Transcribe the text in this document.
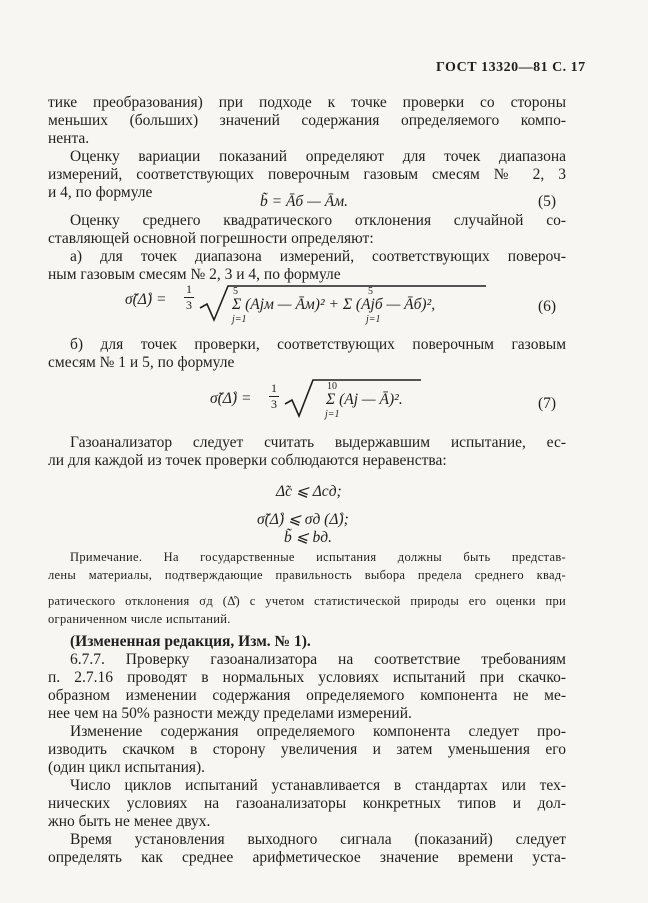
ГОСТ 13320—81 С. 17
тике преобразования) при подходе к точке проверки со стороны
меньших (больших) значений содержания определяемого компо-
нента.
Оценку вариации показаний определяют для точек диапазона
измерений, соответствующих поверочным газовым смесям № 2, 3
и 4, по формуле
b̃ = Āб — Āм.	(5)
Оценку среднего квадратического отклонения случайной со-
ставляющей основной погрешности определяют:
а) для точек диапазона измерений, соответствующих повероч-
ным газовым смесям № 2, 3 и 4, по формуле
σ̃(Δ̊) =
1
3
5
j=1
5
j=1
Σ (Ajм — Āм)² + Σ (Ajб — Āб)²,	(6)
б) для точек проверки, соответствующих поверочным газовым
смесям № 1 и 5, по формуле
σ̃(Δ̊) =
1
3
10
j=1
Σ (Aj — Ā)².	(7)
Газоанализатор следует считать выдержавшим испытание, ес-
ли для каждой из точек проверки соблюдаются неравенства:
Δ̃с ⩽ Δсд;
σ̃(Δ̊) ⩽ σд (Δ̊);
b̃ ⩽ bд.
Примечание. На государственные испытания должны быть представ-
лены материалы, подтверждающие правильность выбора предела среднего квад-
ратического отклонения σд (Δ̊) с учетом статистической природы его оценки при
ограниченном числе испытаний.
(Измененная редакция, Изм. № 1).
6.7.7. Проверку газоанализатора на соответствие требованиям
п. 2.7.16 проводят в нормальных условиях испытаний при скачко-
образном изменении содержания определяемого компонента не ме-
нее чем на 50% разности между пределами измерений.
Изменение содержания определяемого компонента следует про-
изводить скачком в сторону увеличения и затем уменьшения его
(один цикл испытания).
Число циклов испытаний устанавливается в стандартах или тех-
нических условиях на газоанализаторы конкретных типов и дол-
жно быть не менее двух.
Время установления выходного сигнала (показаний) следует
определять как среднее арифметическое значение времени уста-
